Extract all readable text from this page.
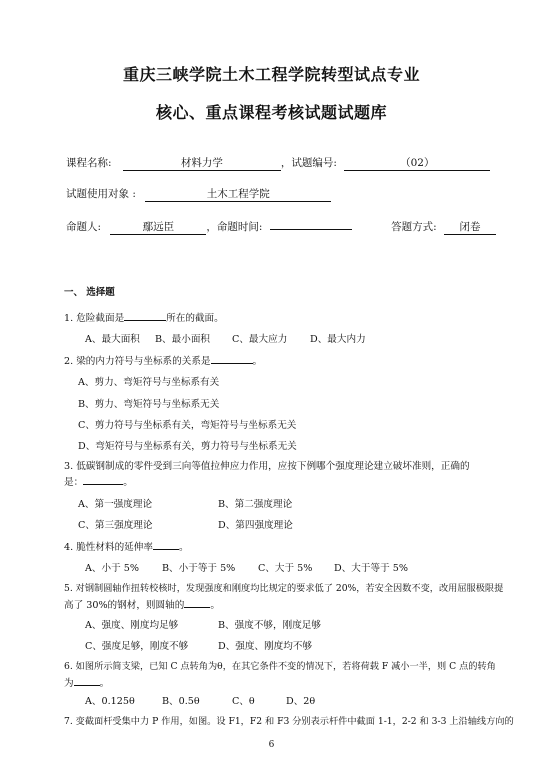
重庆三峡学院土木工程学院转型试点专业
核心、重点课程考核试题试题库
课程名称:	材料力学	，试题编号:	（02）
试题使用对象 :	土木工程学院
命题人:	鄢远臣	，命题时间:	答题方式: 闭卷
一、 选择题
1. 危险截面是	所在的截面。
A、最大面积 B、最小面积 C、最大应力 D、最大内力
2. 梁的内力符号与坐标系的关系是	。
A、剪力、弯矩符号与坐标系有关
B、剪力、弯矩符号与坐标系无关
C、剪力符号与坐标系有关，弯矩符号与坐标系无关
D、弯矩符号与坐标系有关，剪力符号与坐标系无关
3. 低碳钢制成的零件受到三向等值拉伸应力作用，应按下例哪个强度理论建立破坏准则，正确的
是：	。
A、第一强度理论	B、第二强度理论
C、第三强度理论	D、第四强度理论
4. 脆性材料的延伸率	。
A、小于 5% B、小于等于 5% C、大于 5% D、大于等于 5%
5. 对钢制圆轴作扭转校核时，发现强度和刚度均比规定的要求低了 20%，若安全因数不变，改用屈服极限提
高了 30%的钢材，则圆轴的	。
A、强度、刚度均足够	B、强度不够，刚度足够
C、强度足够，刚度不够	D、强度、刚度均不够
6. 如图所示简支梁，已知 C 点转角为θ，在其它条件不变的情况下，若将荷载 F 减小一半，则 C 点的转角
为	。
A、0.125θ	B、0.5θ	C、θ	D、2θ
7. 变截面杆受集中力 P 作用，如图。设 F1，F2 和 F3 分别表示杆件中截面 1-1，2-2 和 3-3 上沿轴线方向的
6
